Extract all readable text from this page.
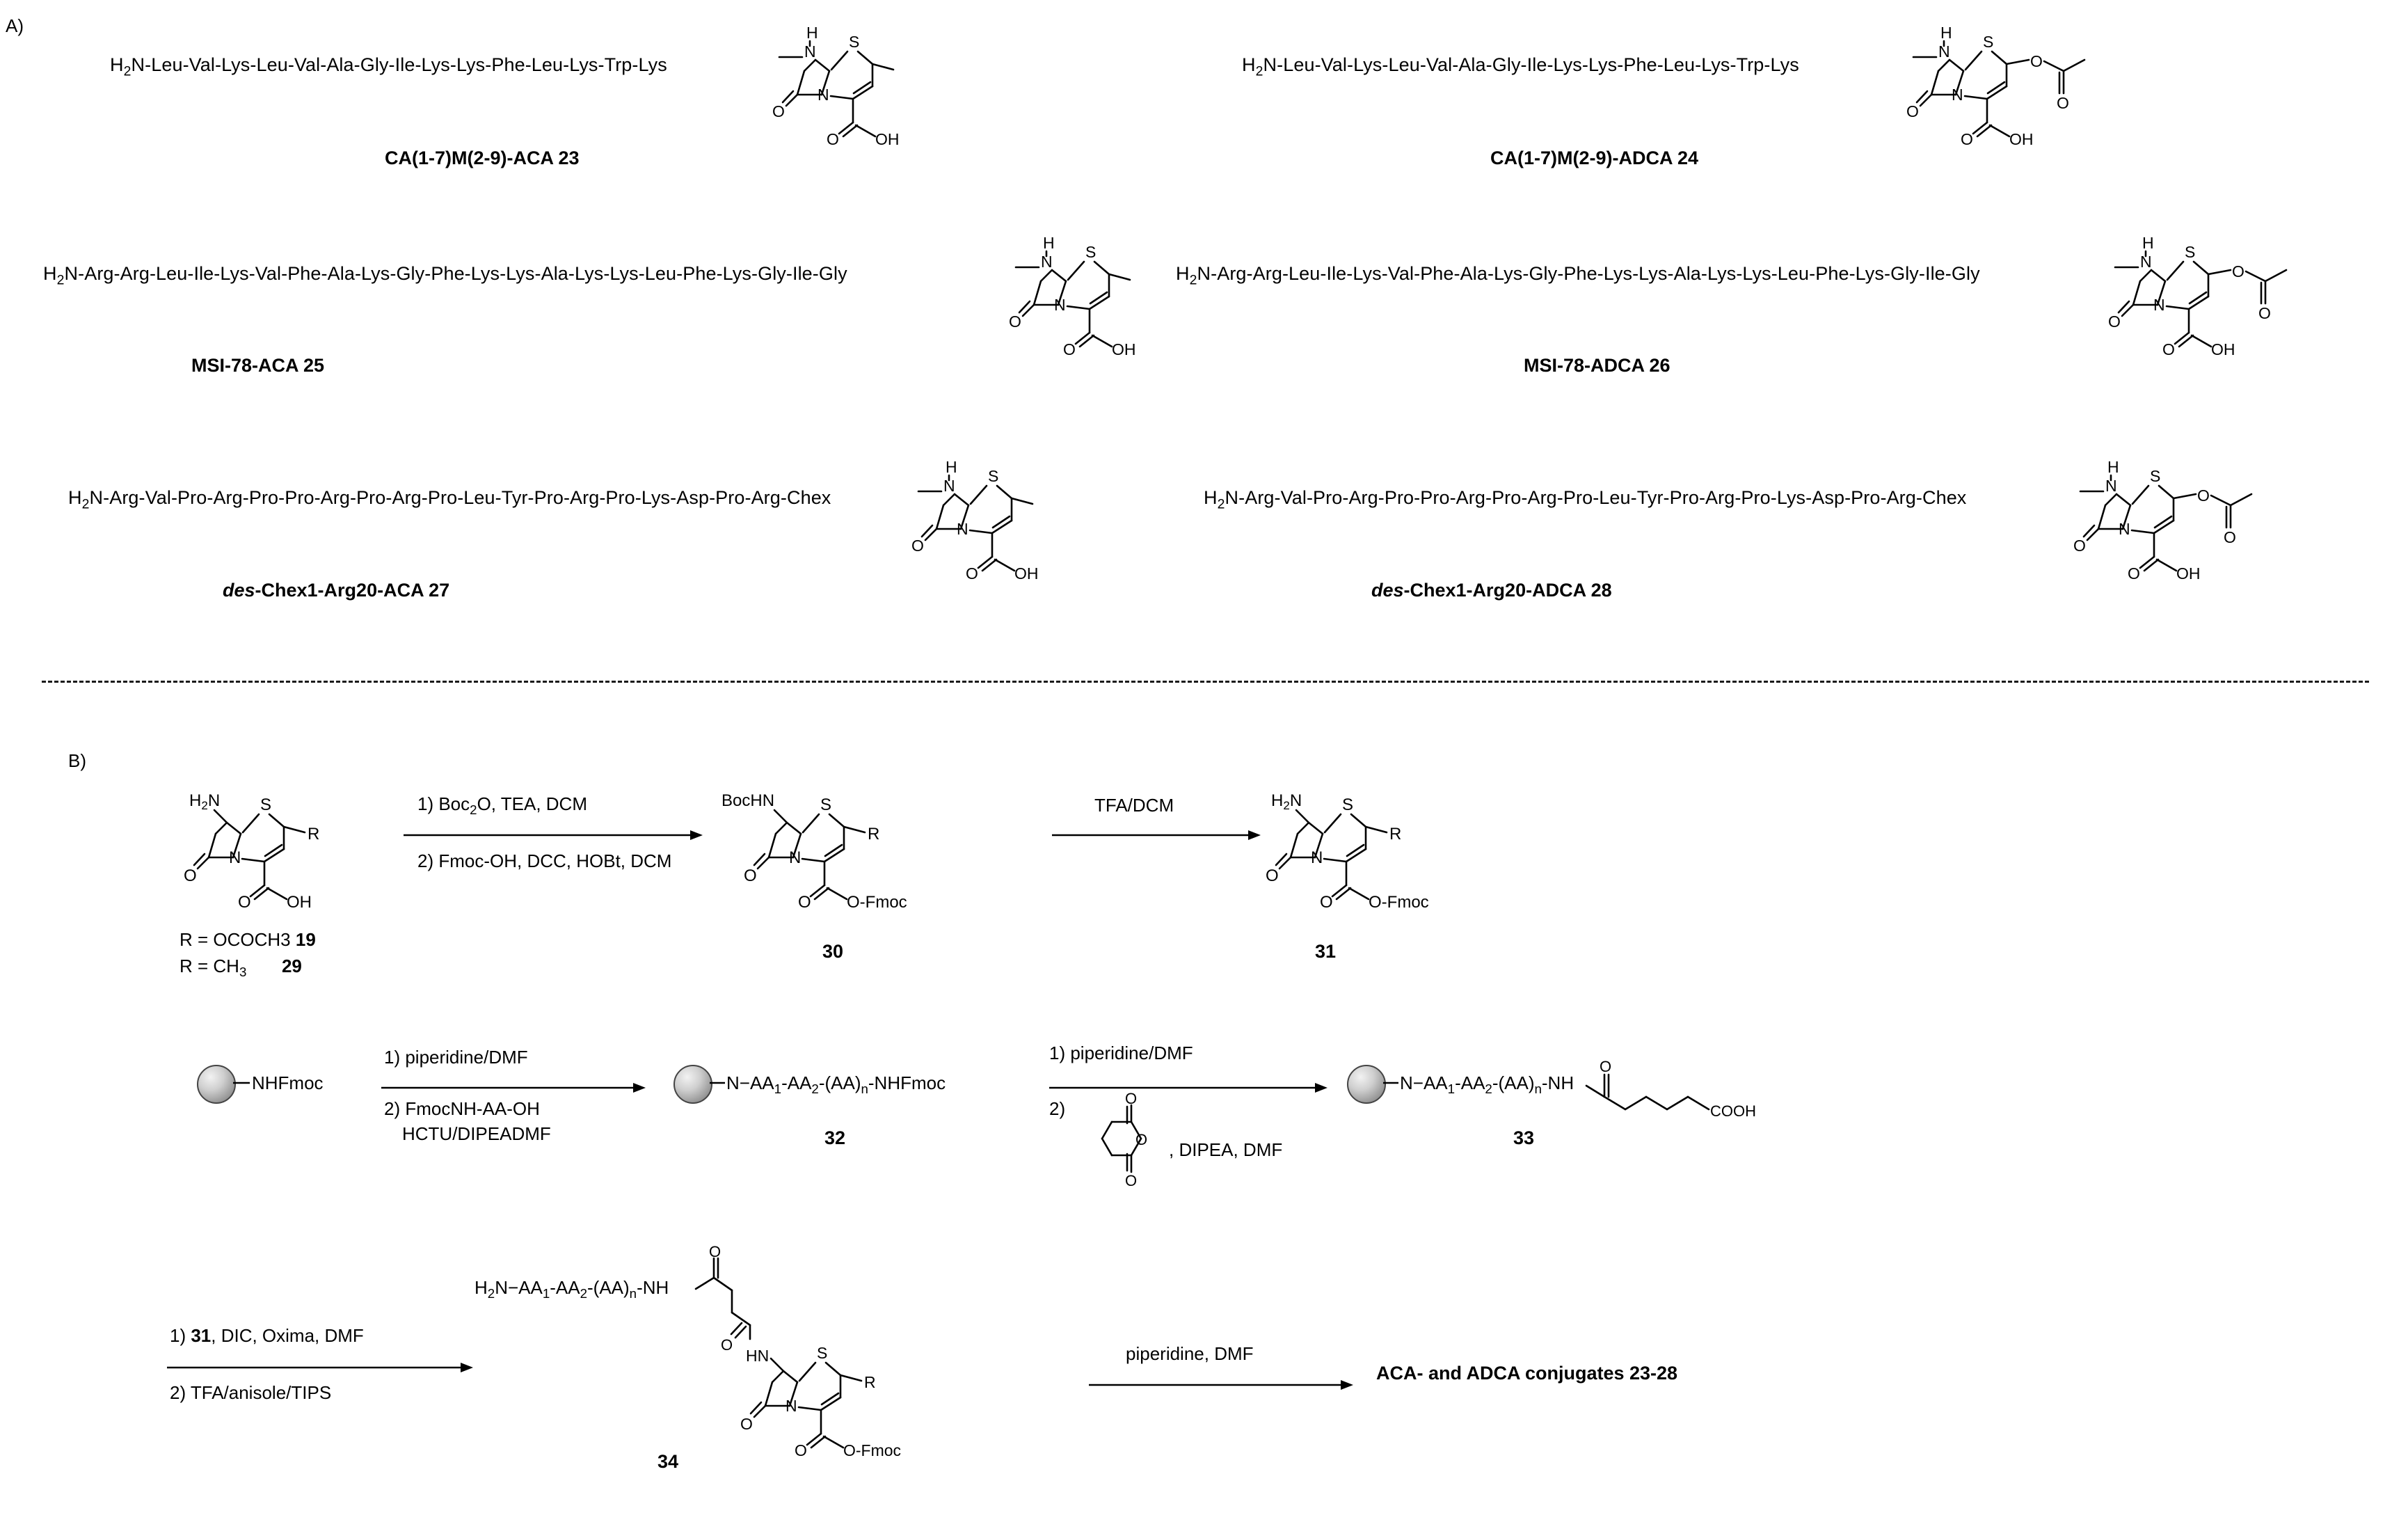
A)
$H_2N-Leu-Val-Lys-Leu-Val-Ala-Gly-Ile-Lys-Lys-Phe-Leu-Lys-Trp$-Lys
CA(1-7)M(2-9)-ACA 23
H
N
O
N
S
O OH
$H_2N-Leu-Val-Lys-Leu-Val-Ala-Gly-Ile-Lys-Lys-Phe-Leu-Lys-Trp$-Lys
CA(1-7)M(2-9)-ADCA 24
H
N
O
N
S
O
O
O OH
$H_2N-Arg-Arg-Leu-Ile-Lys-Val-Phe-Ala-Lys-Gly-Phe-Lys-Lys-Ala-Lys-Lys-Leu-Phe-Lys-Gly-Ile$-Gly
MSI-78-ACA 25
H
N
O
N
S
O OH
$H_2N-Arg-Arg-Leu-Ile-Lys-Val-Phe-Ala-Lys-Gly-Phe-Lys-Lys-Ala-Lys-Lys-Leu-Phe-Lys-Gly-Ile$-Gly
MSI-78-ADCA 26
H
N
O
N
S
O
O
O OH
$H_2N-Arg-Val-Pro-Arg-Pro-Pro-Arg-Pro-Arg-Pro-Leu-Tyr-Pro-Arg-Pro-Lys-Asp-Pro-Arg$-Chex
des-Chex1-Arg20-ACA 27
H
N
O
N
S
O OH
$H_2N-Arg-Val-Pro-Arg-Pro-Pro-Arg-Pro-Arg-Pro-Leu-Tyr-Pro-Arg-Pro-Lys-Asp-Pro-Arg$-Chex
des-Chex1-Arg20-ADCA 28
H
N
O
N
S
O
O
O OH
B)
$H_2N$
O
N
S
R
O OH
R = OCOCH3 19
$R = CH_3$ 29
1) Boc$_2$O, TEA, DCM
2) Fmoc-OH, DCC, HOBt, DCM
BocHN
O
N
S
R
O O-Fmoc
30
TFA/DCM	$H_2N$
O
N
S
R
O O-Fmoc
31
NHFmoc
1) piperidine/DMF
2) FmocNH-AA-OH
HCTU/DIPEADMF
$N-AA_1-AA_2-(AA)_n$-NHFmoc
32
1) piperidine/DMF
2)
O
O
O
, DIPEA, DMF
$N-AA_1-AA_2-(AA)_n-NH$
O
COOH
33
1) 31, DIC, Oxima, DMF
2) TFA/anisole/TIPS
$H_2N-AA_1-AA_2-(AA)_n-NH$
O
O
HN
O
N
S
R
O O-Fmoc
34
piperidine, DMF
ACA- and ADCA conjugates 23-28
